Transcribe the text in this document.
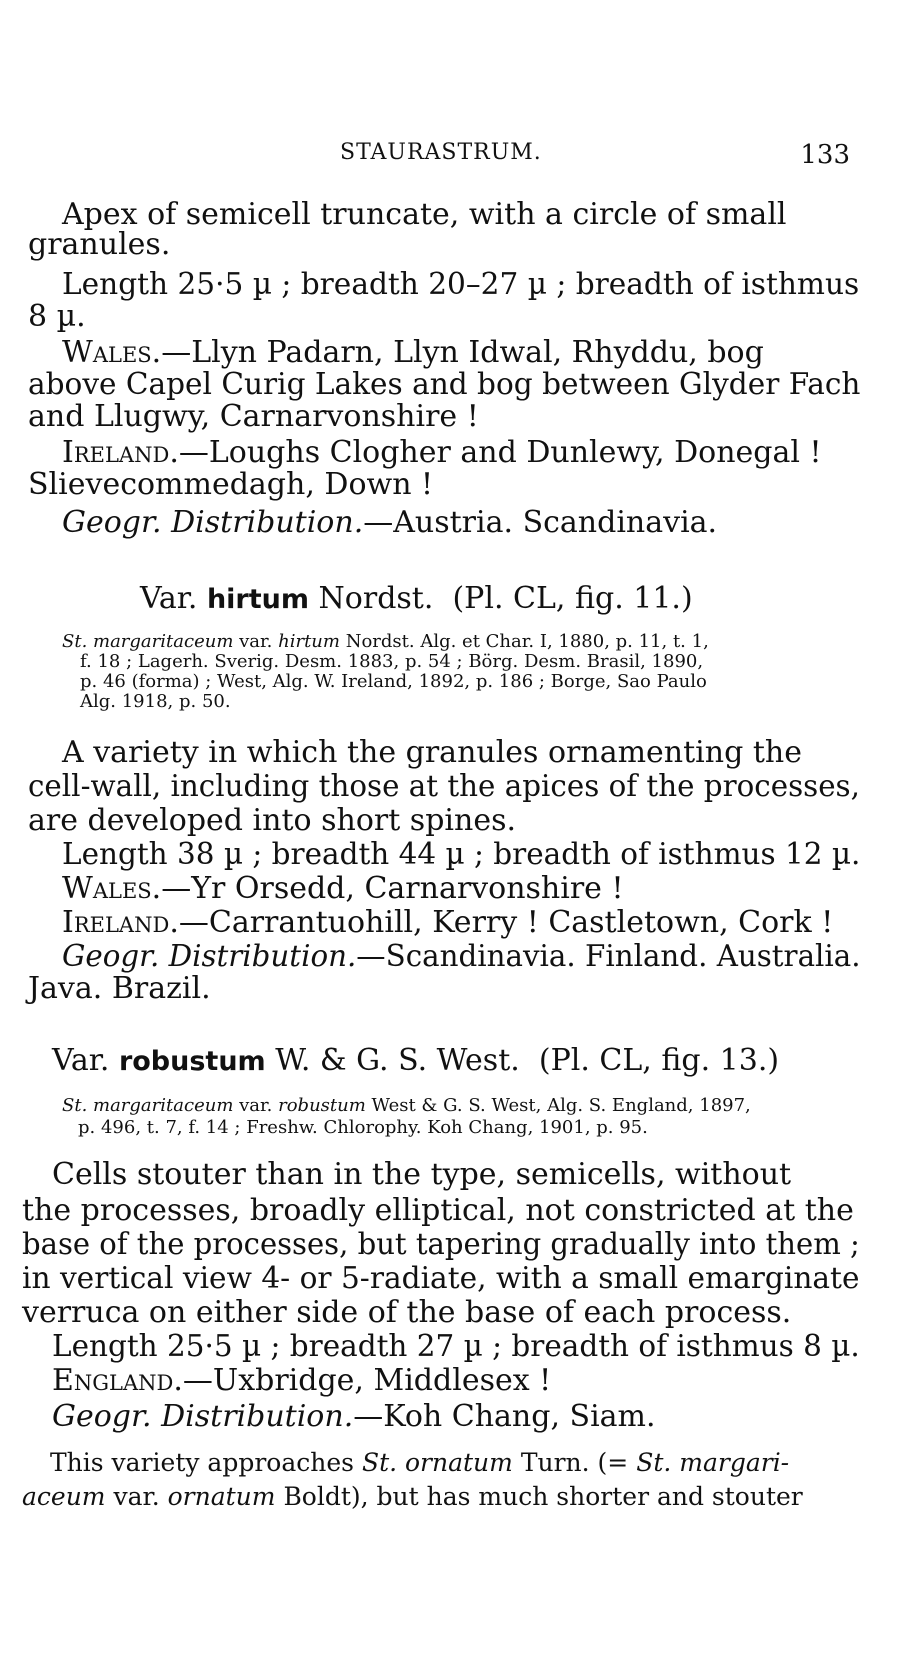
STAURASTRUM.	133
Apex of semicell truncate, with a circle of small
granules.
Length 25·5 µ ; breadth 20–27 µ ; breadth of isthmus
8 µ.
Wales.—Llyn Padarn, Llyn Idwal, Rhyddu, bog
above Capel Curig Lakes and bog between Glyder Fach
and Llugwy, Carnarvonshire !
Ireland.—Loughs Clogher and Dunlewy, Donegal !
Slievecommedagh, Down !
Geogr. Distribution.—Austria. Scandinavia.
Var. hirtum Nordst. (Pl. CL, fig. 11.)
St. margaritaceum var. hirtum Nordst. Alg. et Char. I, 1880, p. 11, t. 1,
f. 18 ; Lagerh. Sverig. Desm. 1883, p. 54 ; Börg. Desm. Brasil, 1890,
p. 46 (forma) ; West, Alg. W. Ireland, 1892, p. 186 ; Borge, Sao Paulo
Alg. 1918, p. 50.
A variety in which the granules ornamenting the
cell-wall, including those at the apices of the processes,
are developed into short spines.
Length 38 µ ; breadth 44 µ ; breadth of isthmus 12 µ.
Wales.—Yr Orsedd, Carnarvonshire !
Ireland.—Carrantuohill, Kerry ! Castletown, Cork !
Geogr. Distribution.—Scandinavia. Finland. Australia.
Java. Brazil.
Var. robustum W. & G. S. West. (Pl. CL, fig. 13.)
St. margaritaceum var. robustum West & G. S. West, Alg. S. England, 1897,
p. 496, t. 7, f. 14 ; Freshw. Chlorophy. Koh Chang, 1901, p. 95.
Cells stouter than in the type, semicells, without
the processes, broadly elliptical, not constricted at the
base of the processes, but tapering gradually into them ;
in vertical view 4- or 5-radiate, with a small emarginate
verruca on either side of the base of each process.
Length 25·5 µ ; breadth 27 µ ; breadth of isthmus 8 µ.
England.—Uxbridge, Middlesex !
Geogr. Distribution.—Koh Chang, Siam.
This variety approaches St. ornatum Turn. (= St. margari-
aceum var. ornatum Boldt), but has much shorter and stouter
